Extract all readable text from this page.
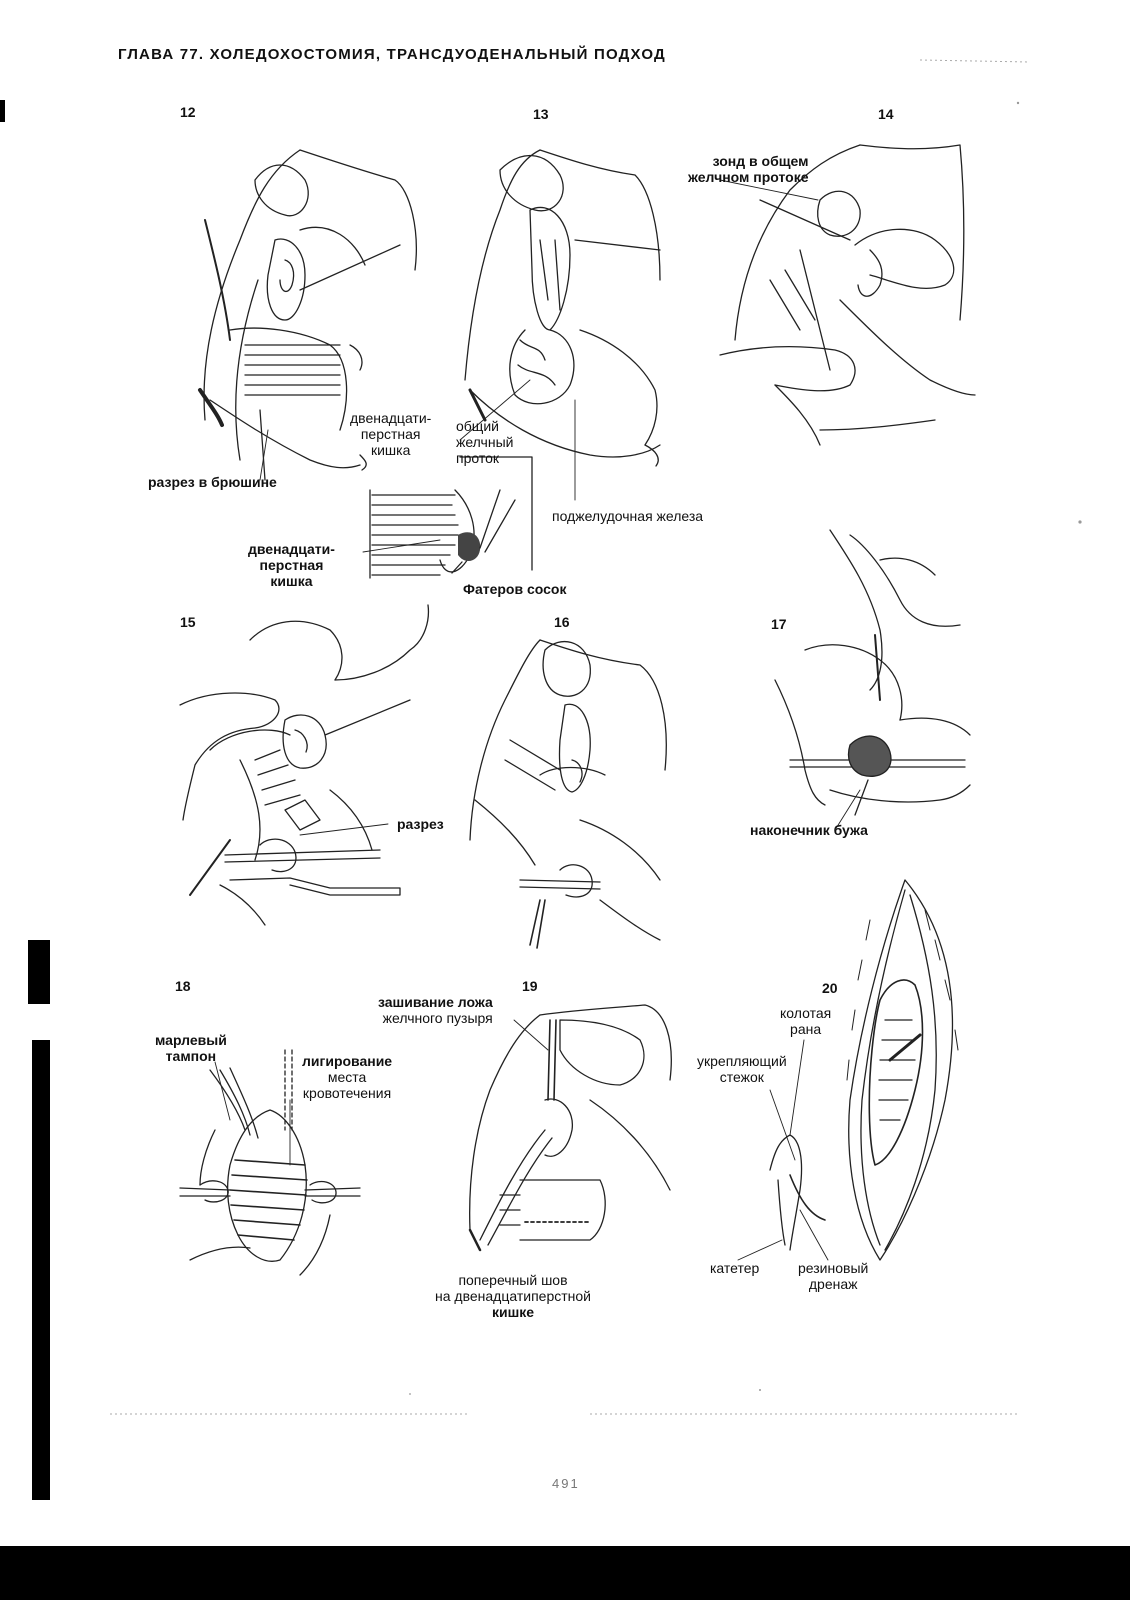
ГЛАВА 77. ХОЛЕДОХОСТОМИЯ, ТРАНСДУОДЕНАЛЬНЫЙ ПОДХОД
12	13	14
15	16	17
18	19	20
двенадцати-
перстная
кишка
общий
желчный
проток
зонд в общем
желчном протоке
разрез в брюшине
поджелудочная железа
двенадцати-
перстная
кишка	Фатеров сосок
разрез	наконечник бужа
марлевый
тампон	лигирование
места
кровотечения
зашивание ложа
желчного пузыря	колотая
рана
укрепляющий
стежок
катетер	резиновый
дренаж
поперечный шов
на двенадцатиперстной
кишке
491
